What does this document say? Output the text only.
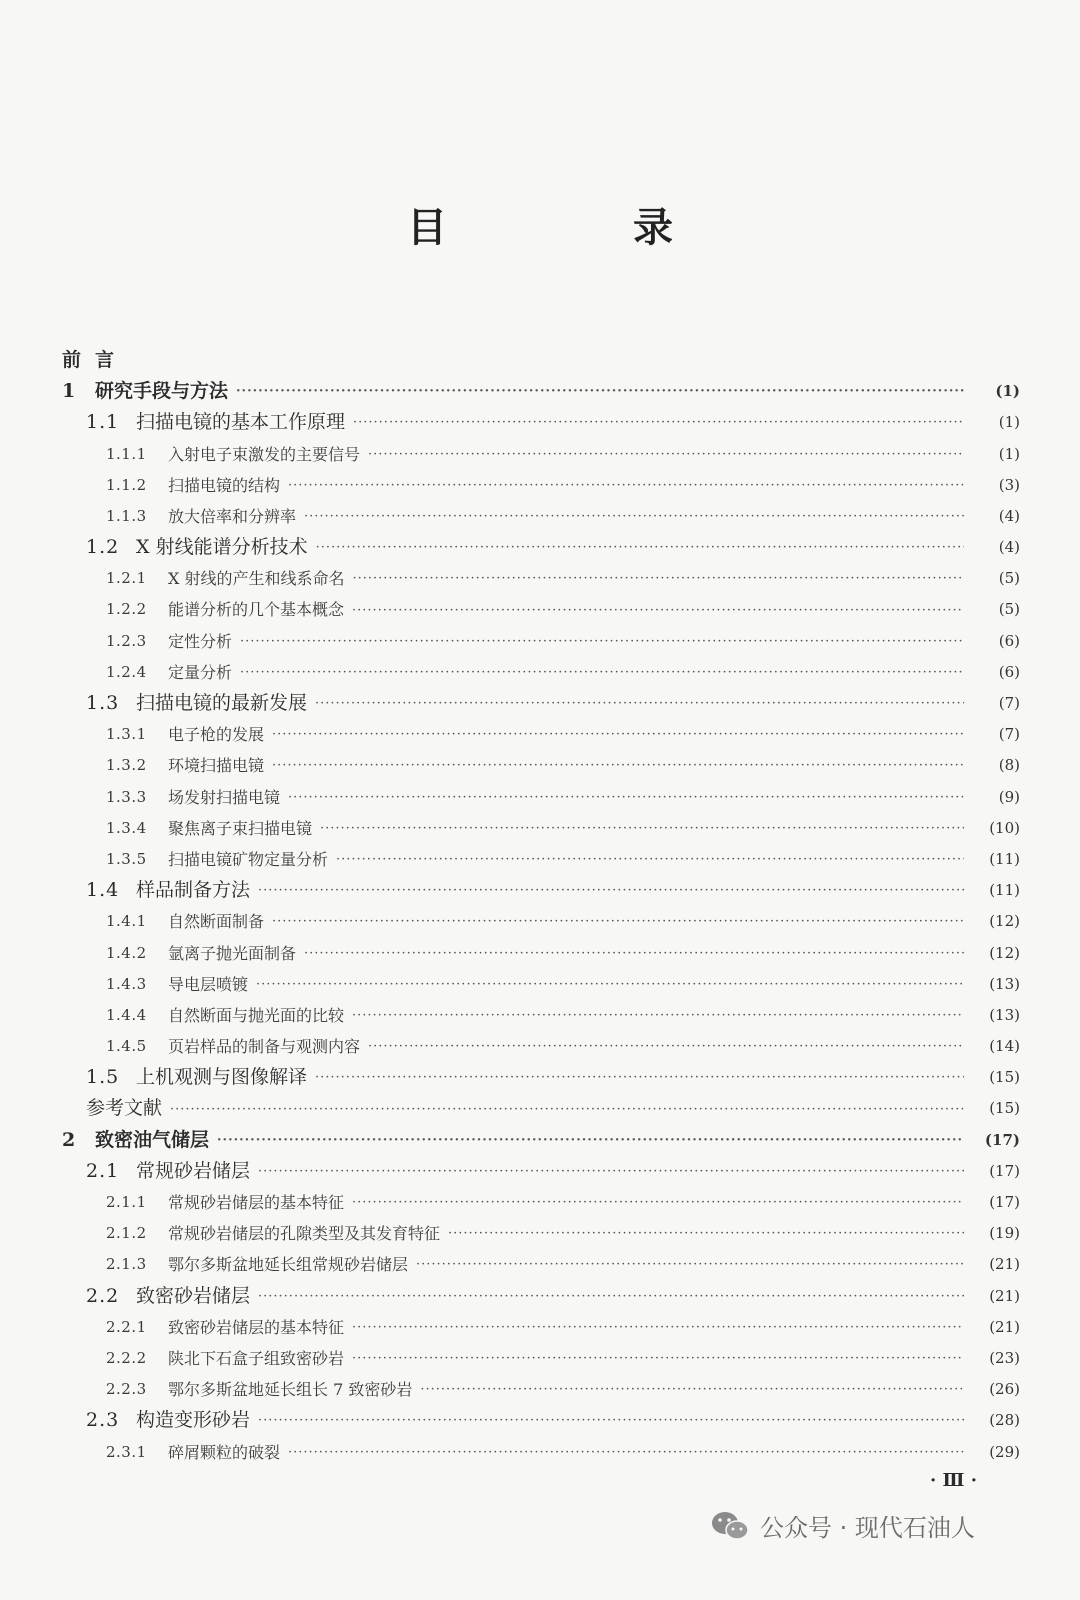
目 录
前言
1	研究手段与方法 ·····	(1)
1.1 扫描电镜的基本工作原理 ·····	(1)
1.1.1	入射电子束激发的主要信号 ·····	(1)
1.1.2	扫描电镜的结构 ·····	(3)
1.1.3	放大倍率和分辨率 ·····	(4)
1.2 X 射线能谱分析技术 ·····	(4)
1.2.1	X 射线的产生和线系命名 ·····	(5)
1.2.2	能谱分析的几个基本概念 ·····	(5)
1.2.3	定性分析 ·····	(6)
1.2.4	定量分析 ·····	(6)
1.3 扫描电镜的最新发展 ·····	(7)
1.3.1	电子枪的发展 ·····	(7)
1.3.2	环境扫描电镜 ·····	(8)
1.3.3	场发射扫描电镜 ·····	(9)
1.3.4	聚焦离子束扫描电镜 ·····	(10)
1.3.5	扫描电镜矿物定量分析 ·····	(11)
1.4 样品制备方法 ·····	(11)
1.4.1	自然断面制备 ·····	(12)
1.4.2	氩离子抛光面制备 ·····	(12)
1.4.3	导电层喷镀 ·····	(13)
1.4.4	自然断面与抛光面的比较 ·····	(13)
1.4.5	页岩样品的制备与观测内容 ·····	(14)
1.5 上机观测与图像解译 ·····	(15)
参考文献 ·····	(15)
2	致密油气储层 ·····	(17)
2.1 常规砂岩储层 ·····	(17)
2.1.1	常规砂岩储层的基本特征 ·····	(17)
2.1.2	常规砂岩储层的孔隙类型及其发育特征 ·····	(19)
2.1.3	鄂尔多斯盆地延长组常规砂岩储层 ·····	(21)
2.2 致密砂岩储层 ·····	(21)
2.2.1	致密砂岩储层的基本特征 ·····	(21)
2.2.2	陕北下石盒子组致密砂岩 ·····	(23)
2.2.3	鄂尔多斯盆地延长组长 7 致密砂岩 ·····	(26)
2.3 构造变形砂岩 ·····	(28)
2.3.1	碎屑颗粒的破裂 ·····	(29)
· Ⅲ ·
公众号 · 现代石油人
